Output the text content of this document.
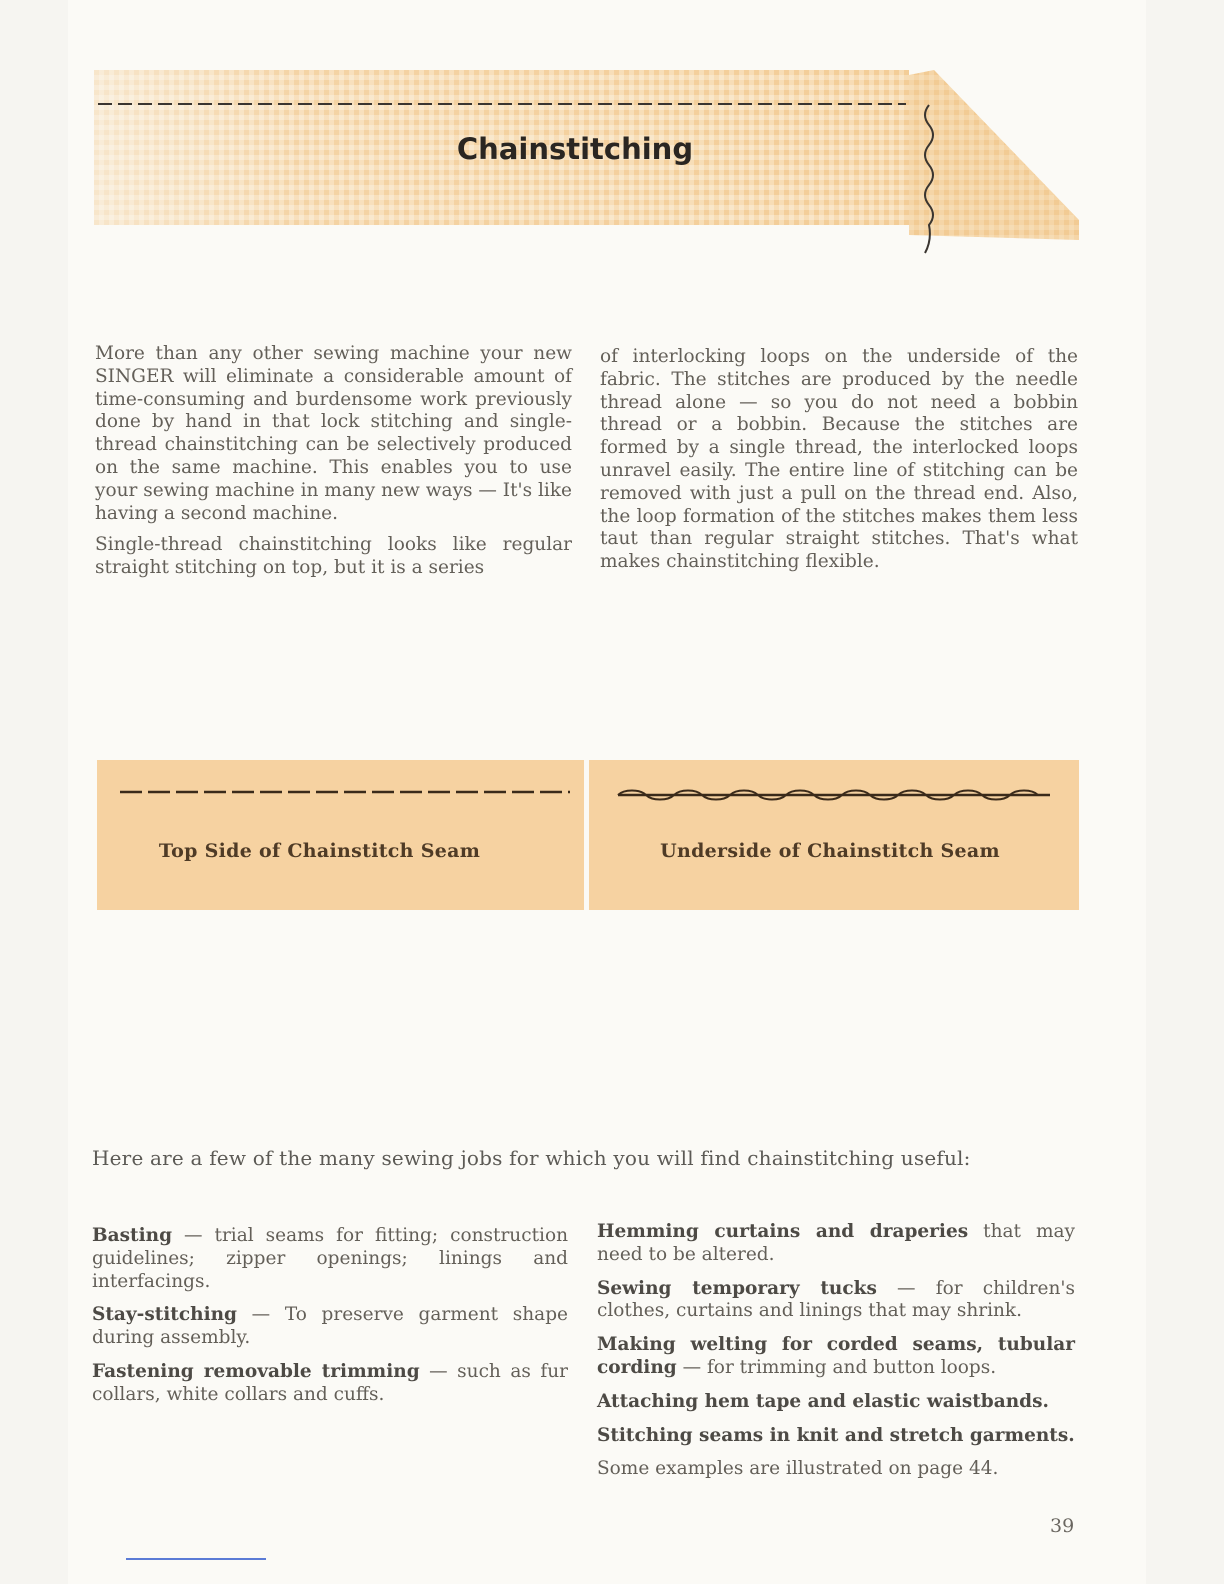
Chainstitching

More than any other sewing machine your new SINGER will eliminate a considerable amount of time-consuming and burdensome work previously done by hand in that lock stitching and single-thread chainstitching can be selectively produced on the same machine. This enables you to use your sewing machine in many new ways — It's like having a second machine.

Single-thread chainstitching looks like regular straight stitching on top, but it is a series

of interlocking loops on the underside of the fabric. The stitches are produced by the needle thread alone — so you do not need a bobbin thread or a bobbin. Because the stitches are formed by a single thread, the interlocked loops unravel easily. The entire line of stitching can be removed with just a pull on the thread end. Also, the loop formation of the stitches makes them less taut than regular straight stitches. That's what makes chainstitching flexible.

Top Side of Chainstitch Seam	Underside of Chainstitch Seam
Here are a few of the many sewing jobs for which you will find chainstitching useful:

Basting — trial seams for fitting; construction guidelines; zipper openings; linings and interfacings.

Stay-stitching — To preserve garment shape during assembly.

Fastening removable trimming — such as fur collars, white collars and cuffs.

Hemming curtains and draperies that may need to be altered.

Sewing temporary tucks — for children's clothes, curtains and linings that may shrink.

Making welting for corded seams, tubular cording — for trimming and button loops.

Attaching hem tape and elastic waistbands.

Stitching seams in knit and stretch garments.

Some examples are illustrated on page 44.

39
